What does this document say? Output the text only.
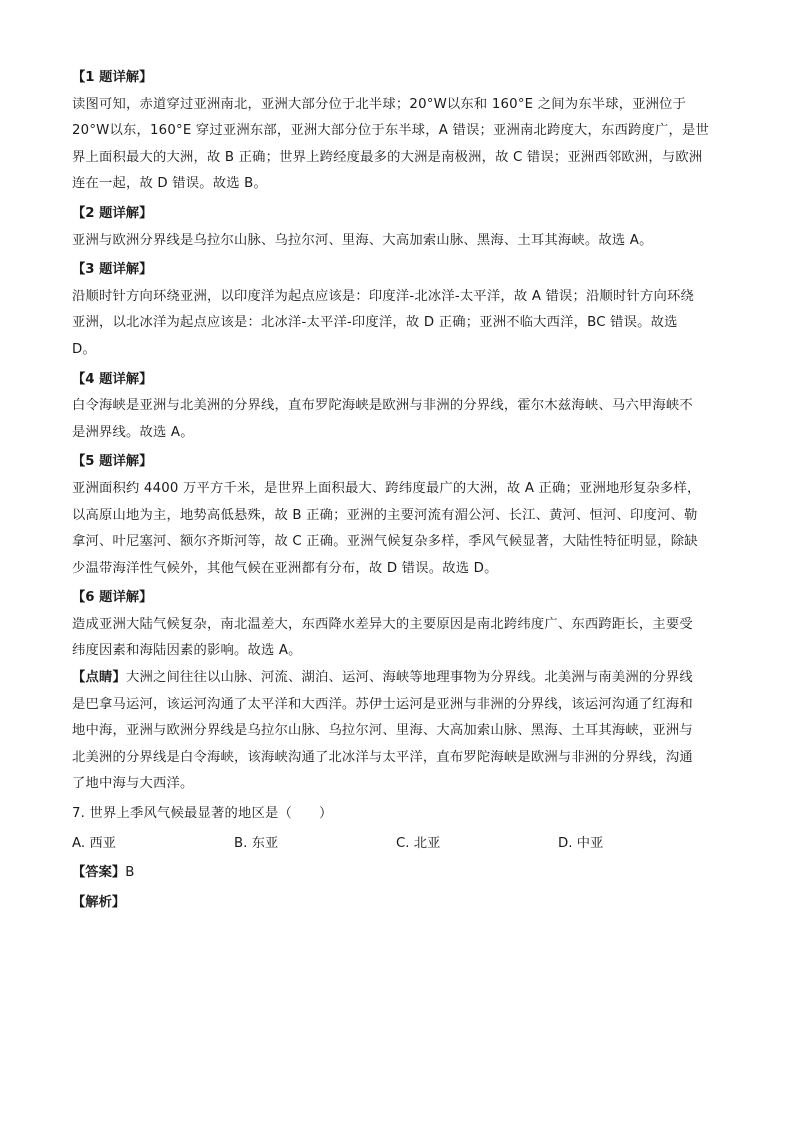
【1 题详解】
读图可知，赤道穿过亚洲南北，亚洲大部分位于北半球；20°W以东和 160°E 之间为东半球，亚洲位于
20°W以东，160°E 穿过亚洲东部，亚洲大部分位于东半球，A 错误；亚洲南北跨度大，东西跨度广，是世
界上面积最大的大洲，故 B 正确；世界上跨经度最多的大洲是南极洲，故 C 错误；亚洲西邻欧洲，与欧洲
连在一起，故 D 错误。故选 B。
【2 题详解】
亚洲与欧洲分界线是乌拉尔山脉、乌拉尔河、里海、大高加索山脉、黑海、土耳其海峡。故选 A。
【3 题详解】
沿顺时针方向环绕亚洲，以印度洋为起点应该是：印度洋-北冰洋-太平洋，故 A 错误；沿顺时针方向环绕
亚洲，以北冰洋为起点应该是：北冰洋-太平洋-印度洋，故 D 正确；亚洲不临大西洋，BC 错误。故选
D。
【4 题详解】
白令海峡是亚洲与北美洲的分界线，直布罗陀海峡是欧洲与非洲的分界线，霍尔木兹海峡、马六甲海峡不
是洲界线。故选 A。
【5 题详解】
亚洲面积约 4400 万平方千米，是世界上面积最大、跨纬度最广的大洲，故 A 正确；亚洲地形复杂多样，
以高原山地为主，地势高低悬殊，故 B 正确；亚洲的主要河流有湄公河、长江、黄河、恒河、印度河、勒
拿河、叶尼塞河、额尔齐斯河等，故 C 正确。亚洲气候复杂多样，季风气候显著，大陆性特征明显，除缺
少温带海洋性气候外，其他气候在亚洲都有分布，故 D 错误。故选 D。
【6 题详解】
造成亚洲大陆气候复杂，南北温差大，东西降水差异大的主要原因是南北跨纬度广、东西跨距长，主要受
纬度因素和海陆因素的影响。故选 A。
【点睛】大洲之间往往以山脉、河流、湖泊、运河、海峡等地理事物为分界线。北美洲与南美洲的分界线
是巴拿马运河，该运河沟通了太平洋和大西洋。苏伊士运河是亚洲与非洲的分界线，该运河沟通了红海和
地中海，亚洲与欧洲分界线是乌拉尔山脉、乌拉尔河、里海、大高加索山脉、黑海、土耳其海峡，亚洲与
北美洲的分界线是白令海峡，该海峡沟通了北冰洋与太平洋，直布罗陀海峡是欧洲与非洲的分界线，沟通
了地中海与大西洋。
7. 世界上季风气候最显著的地区是（　　）
A. 西亚	B. 东亚	C. 北亚	D. 中亚
【答案】B
【解析】
